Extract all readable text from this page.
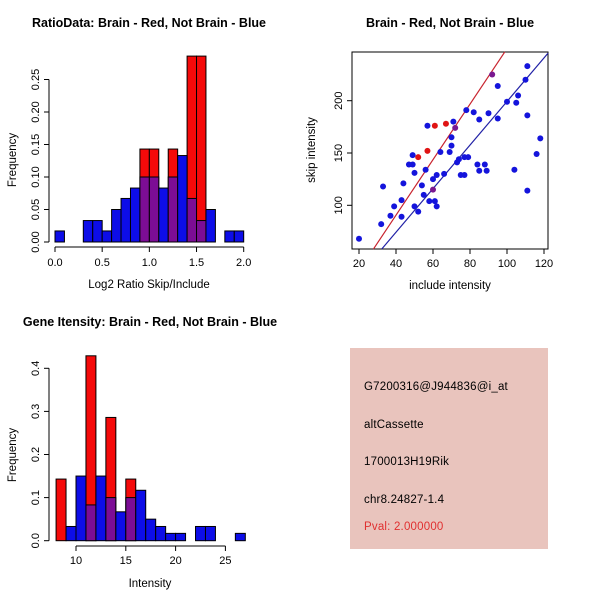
RatioData: Brain - Red, Not Brain - Blue
Log2 Ratio Skip/Include
Frequency
0.0	0.5	1.0	1.5	2.0
0.00
0.05
0.10
0.15
0.20
0.25
Brain - Red, Not Brain - Blue
include intensity
skip intensity
20 40 60 80 100 120
100
150
200
Gene Itensity: Brain - Red, Not Brain - Blue
Intensity
Frequency
10	15	20	25
0.0
0.1
0.2
0.3
0.4
G7200316@J944836@i_at
altCassette
1700013H19Rik
chr8.24827-1.4
Pval: 2.000000
